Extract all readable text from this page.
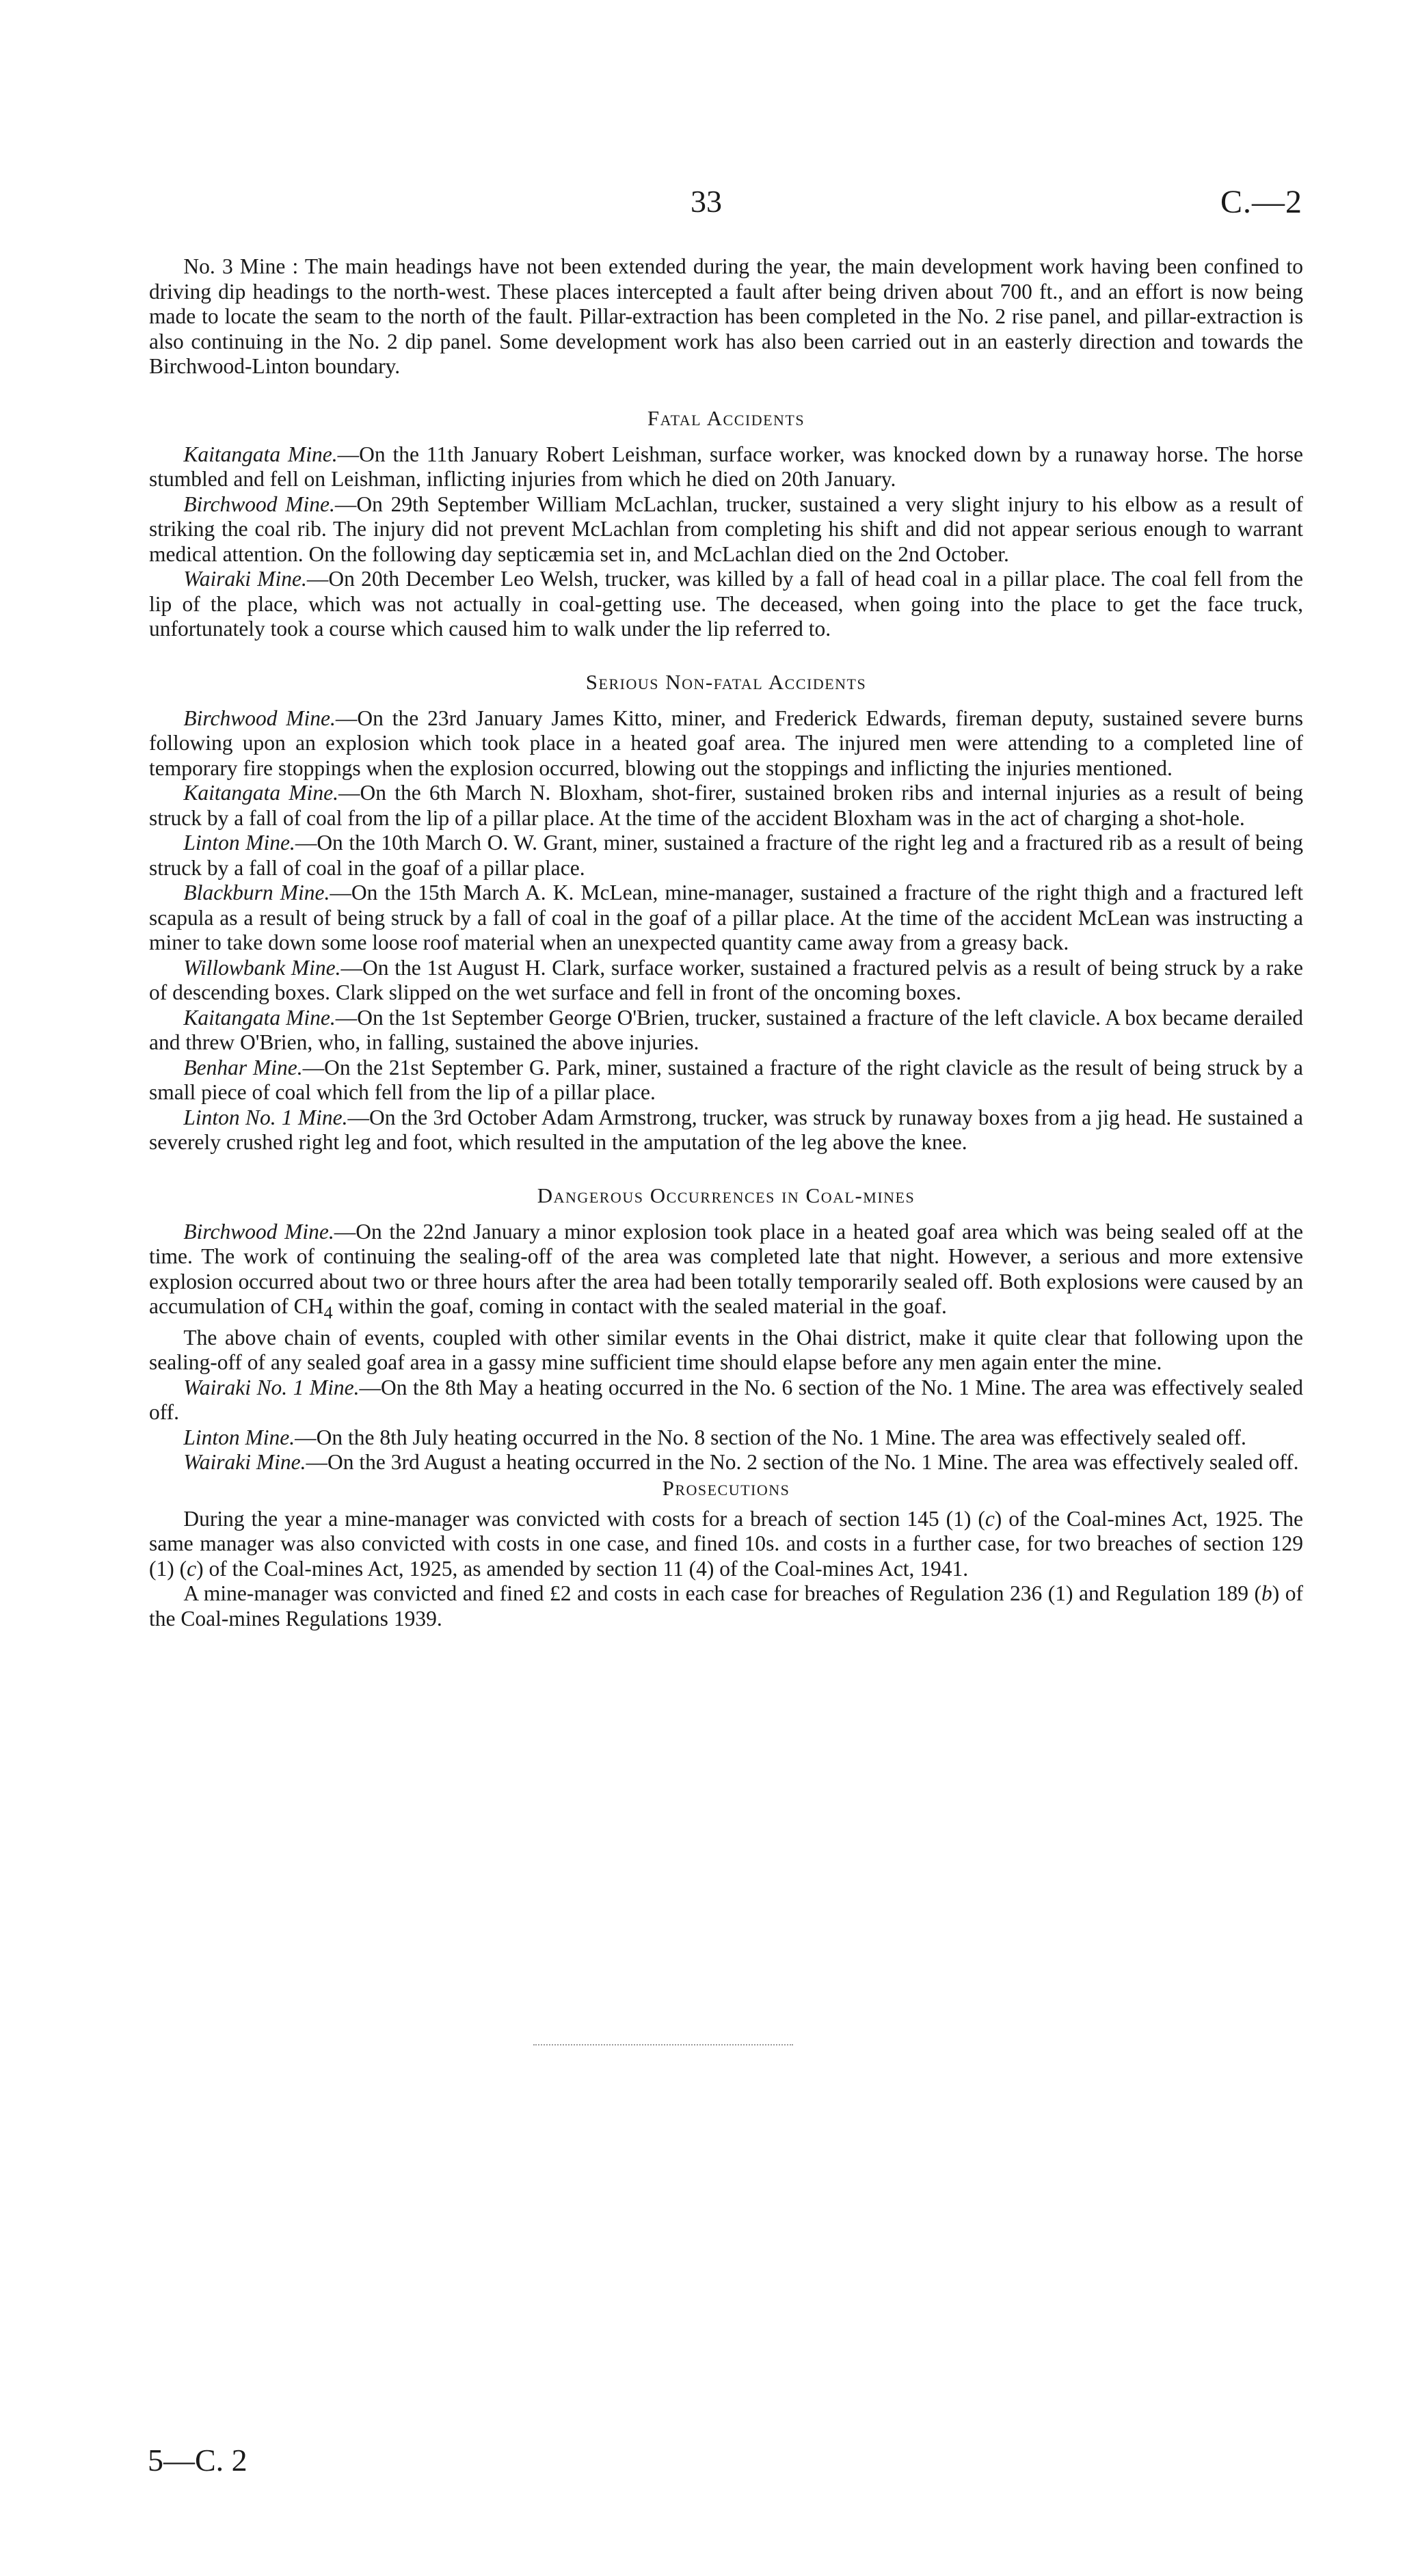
33	C.—2

No. 3 Mine : The main headings have not been extended during the year, the main development work having been confined to driving dip headings to the north-west. These places intercepted a fault after being driven about 700 ft., and an effort is now being made to locate the seam to the north of the fault. Pillar-extraction has been completed in the No. 2 rise panel, and pillar-extraction is also continuing in the No. 2 dip panel. Some development work has also been carried out in an easterly direction and towards the Birchwood-Linton boundary.

Fatal Accidents

Kaitangata Mine.—On the 11th January Robert Leishman, surface worker, was knocked down by a runaway horse. The horse stumbled and fell on Leishman, inflicting injuries from which he died on 20th January.

Birchwood Mine.—On 29th September William McLachlan, trucker, sustained a very slight injury to his elbow as a result of striking the coal rib. The injury did not prevent McLachlan from completing his shift and did not appear serious enough to warrant medical attention. On the following day septicæmia set in, and McLachlan died on the 2nd October.

Wairaki Mine.—On 20th December Leo Welsh, trucker, was killed by a fall of head coal in a pillar place. The coal fell from the lip of the place, which was not actually in coal-getting use. The deceased, when going into the place to get the face truck, unfortunately took a course which caused him to walk under the lip referred to.

Serious Non-fatal Accidents

Birchwood Mine.—On the 23rd January James Kitto, miner, and Frederick Edwards, fireman deputy, sustained severe burns following upon an explosion which took place in a heated goaf area. The injured men were attending to a completed line of temporary fire stoppings when the explosion occurred, blowing out the stoppings and inflicting the injuries mentioned.

Kaitangata Mine.—On the 6th March N. Bloxham, shot-firer, sustained broken ribs and internal injuries as a result of being struck by a fall of coal from the lip of a pillar place. At the time of the accident Bloxham was in the act of charging a shot-hole.

Linton Mine.—On the 10th March O. W. Grant, miner, sustained a fracture of the right leg and a fractured rib as a result of being struck by a fall of coal in the goaf of a pillar place.

Blackburn Mine.—On the 15th March A. K. McLean, mine-manager, sustained a fracture of the right thigh and a fractured left scapula as a result of being struck by a fall of coal in the goaf of a pillar place. At the time of the accident McLean was instructing a miner to take down some loose roof material when an unexpected quantity came away from a greasy back.

Willowbank Mine.—On the 1st August H. Clark, surface worker, sustained a fractured pelvis as a result of being struck by a rake of descending boxes. Clark slipped on the wet surface and fell in front of the oncoming boxes.

Kaitangata Mine.—On the 1st September George O'Brien, trucker, sustained a fracture of the left clavicle. A box became derailed and threw O'Brien, who, in falling, sustained the above injuries.

Benhar Mine.—On the 21st September G. Park, miner, sustained a fracture of the right clavicle as the result of being struck by a small piece of coal which fell from the lip of a pillar place.

Linton No. 1 Mine.—On the 3rd October Adam Armstrong, trucker, was struck by runaway boxes from a jig head. He sustained a severely crushed right leg and foot, which resulted in the amputation of the leg above the knee.

Dangerous Occurrences in Coal-mines

Birchwood Mine.—On the 22nd January a minor explosion took place in a heated goaf area which was being sealed off at the time. The work of continuing the sealing-off of the area was completed late that night. However, a serious and more extensive explosion occurred about two or three hours after the area had been totally temporarily sealed off. Both explosions were caused by an accumulation of $CH_4$ within the goaf, coming in contact with the sealed material in the goaf.

The above chain of events, coupled with other similar events in the Ohai district, make it quite clear that following upon the sealing-off of any sealed goaf area in a gassy mine sufficient time should elapse before any men again enter the mine.

Wairaki No. 1 Mine.—On the 8th May a heating occurred in the No. 6 section of the No. 1 Mine. The area was effectively sealed off.

Linton Mine.—On the 8th July heating occurred in the No. 8 section of the No. 1 Mine. The area was effectively sealed off.

Wairaki Mine.—On the 3rd August a heating occurred in the No. 2 section of the No. 1 Mine. The area was effectively sealed off.

Prosecutions

During the year a mine-manager was convicted with costs for a breach of section 145 (1) (c) of the Coal-mines Act, 1925. The same manager was also convicted with costs in one case, and fined 10s. and costs in a further case, for two breaches of section 129 (1) (c) of the Coal-mines Act, 1925, as amended by section 11 (4) of the Coal-mines Act, 1941.

A mine-manager was convicted and fined £2 and costs in each case for breaches of Regulation 236 (1) and Regulation 189 (b) of the Coal-mines Regulations 1939.

5—C. 2
